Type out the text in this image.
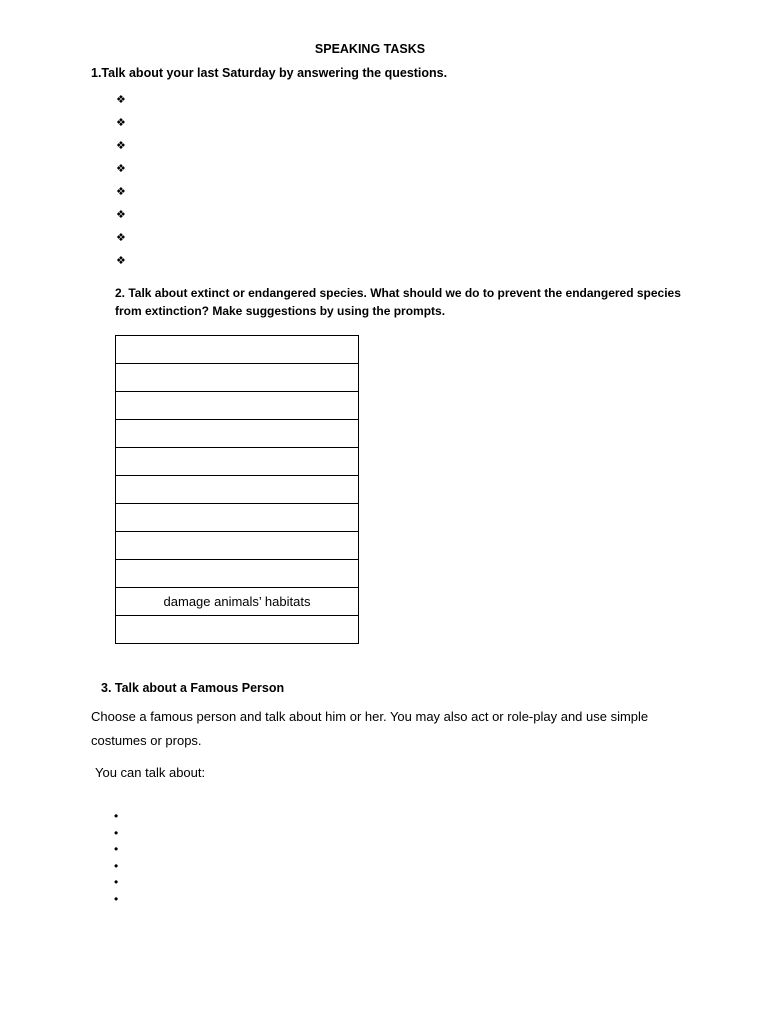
SPEAKING TASKS
1.Talk about your last Saturday by answering the questions.
❖
❖
❖
❖
❖
❖
❖
❖
2. Talk about extinct or endangered species. What should we do to prevent the endangered species from extinction? Make suggestions by using the prompts.

damage animals’ habitats

3. Talk about a Famous Person
Choose a famous person and talk about him or her. You may also act or role-play and use simple costumes or props.
You can talk about:
•
•
•
•
•
•
